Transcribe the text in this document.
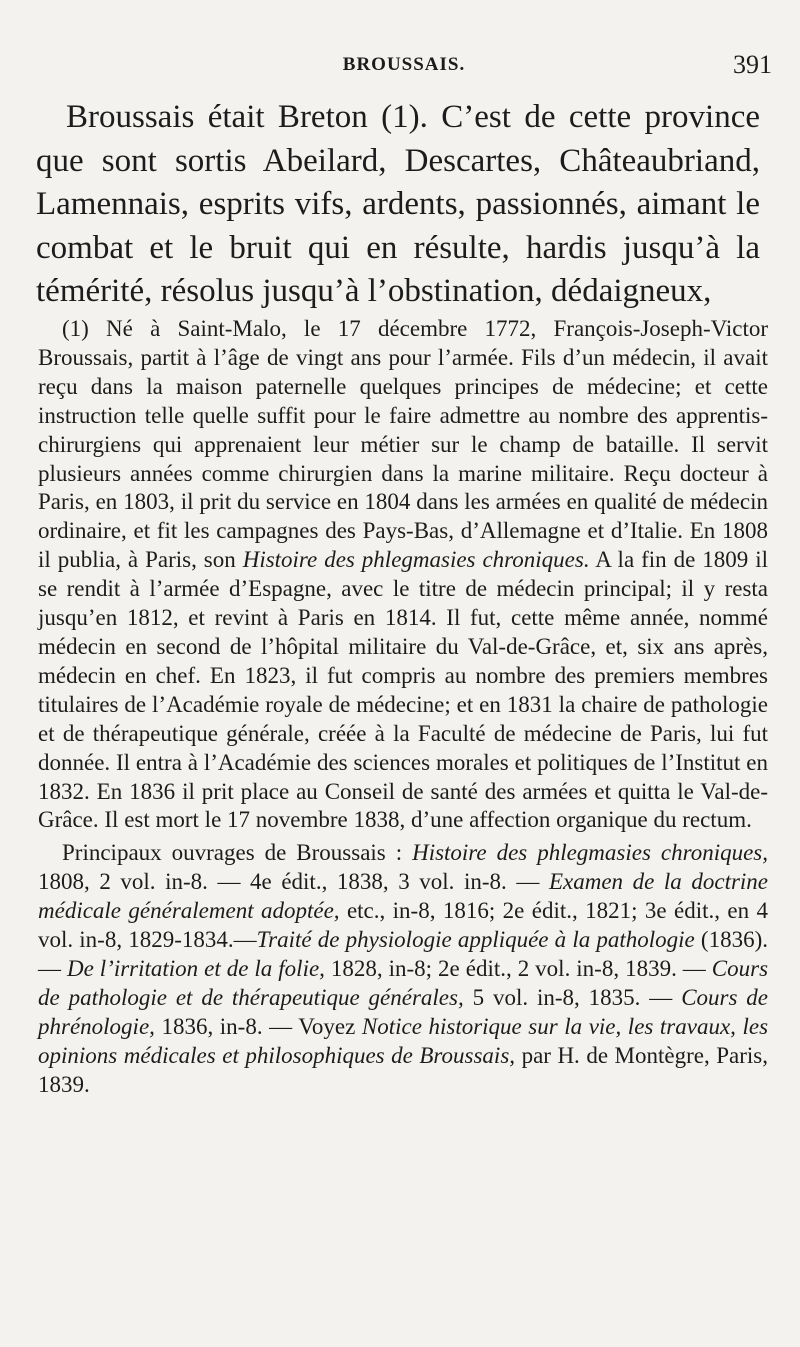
BROUSSAIS.	391

Broussais était Breton (1). C’est de cette province que sont sortis Abeilard, Descartes, Châteaubriand, Lamennais, esprits vifs, ardents, passionnés, aimant le combat et le bruit qui en résulte, hardis jusqu’à la témérité, résolus jusqu’à l’obstination, dédaigneux,

(1) Né à Saint-Malo, le 17 décembre 1772, François-Joseph-Victor Broussais, partit à l’âge de vingt ans pour l’armée. Fils d’un médecin, il avait reçu dans la maison paternelle quelques principes de médecine; et cette instruction telle quelle suffit pour le faire admettre au nombre des apprentis-chirurgiens qui apprenaient leur métier sur le champ de bataille. Il servit plusieurs années comme chirurgien dans la marine militaire. Reçu docteur à Paris, en 1803, il prit du service en 1804 dans les armées en qualité de médecin ordinaire, et fit les campagnes des Pays-Bas, d’Allemagne et d’Italie. En 1808 il publia, à Paris, son Histoire des phlegmasies chroniques. A la fin de 1809 il se rendit à l’armée d’Espagne, avec le titre de médecin principal; il y resta jusqu’en 1812, et revint à Paris en 1814. Il fut, cette même année, nommé médecin en second de l’hôpital militaire du Val-de-Grâce, et, six ans après, médecin en chef. En 1823, il fut compris au nombre des premiers membres titulaires de l’Académie royale de médecine; et en 1831 la chaire de pathologie et de thérapeutique générale, créée à la Faculté de médecine de Paris, lui fut donnée. Il entra à l’Académie des sciences morales et politiques de l’Institut en 1832. En 1836 il prit place au Conseil de santé des armées et quitta le Val-de-Grâce. Il est mort le 17 novembre 1838, d’une affection organique du rectum.

Principaux ouvrages de Broussais : Histoire des phlegmasies chroniques, 1808, 2 vol. in-8. — 4e édit., 1838, 3 vol. in-8. — Examen de la doctrine médicale généralement adoptée, etc., in-8, 1816; 2e édit., 1821; 3e édit., en 4 vol. in-8, 1829-1834.—Traité de physiologie appliquée à la pathologie (1836). — De l’irritation et de la folie, 1828, in-8; 2e édit., 2 vol. in-8, 1839. — Cours de pathologie et de thérapeutique générales, 5 vol. in-8, 1835. — Cours de phrénologie, 1836, in-8. — Voyez Notice historique sur la vie, les travaux, les opinions médicales et philosophiques de Broussais, par H. de Montègre, Paris, 1839.
